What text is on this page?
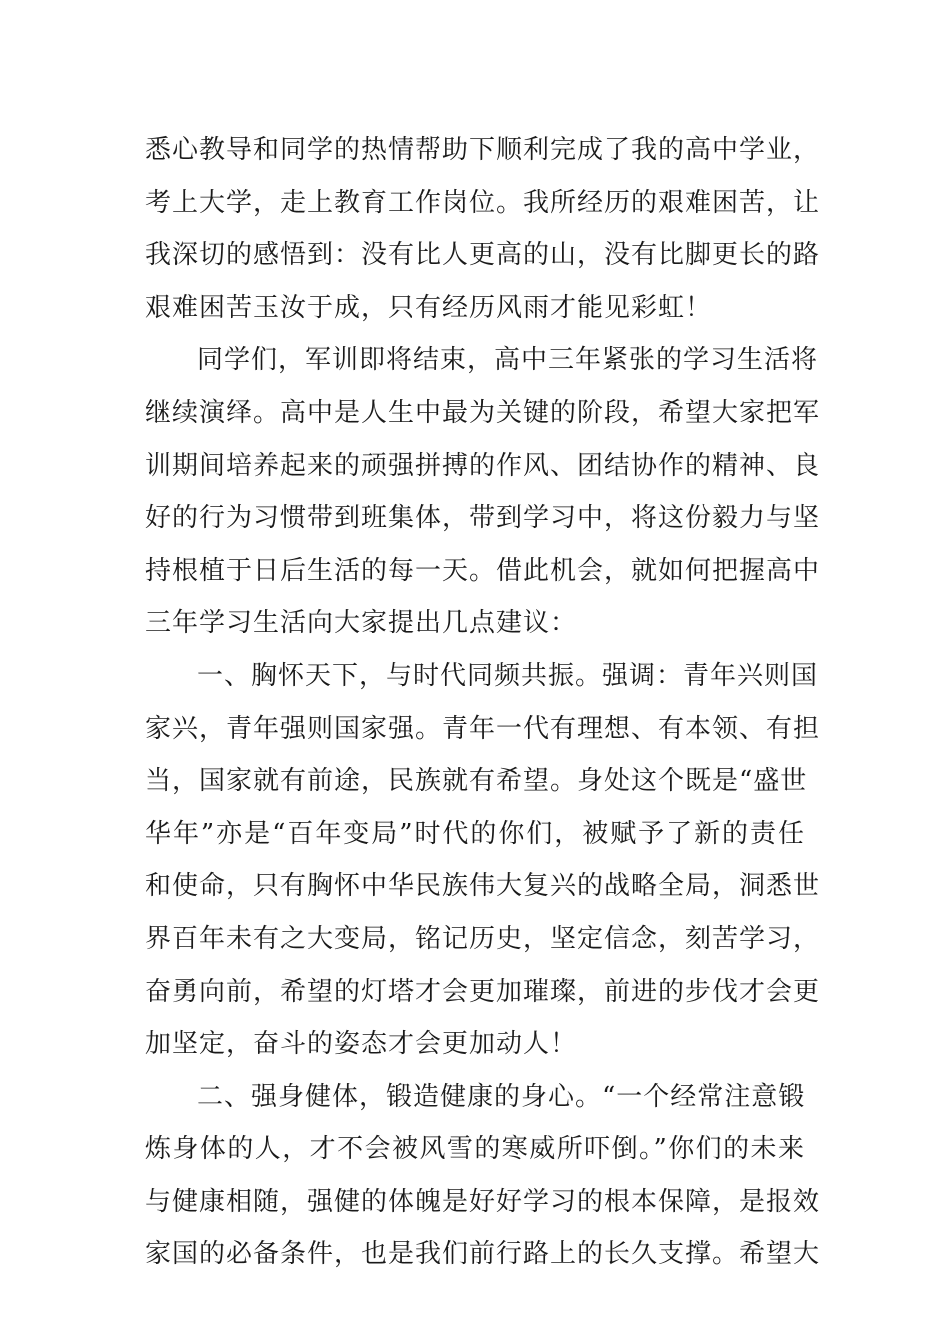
悉心教导和同学的热情帮助下顺利完成了我的高中学业，
考上大学，走上教育工作岗位。我所经历的艰难困苦，让
我深切的感悟到：没有比人更高的山，没有比脚更长的路
艰难困苦玉汝于成，只有经历风雨才能见彩虹！
同学们，军训即将结束，高中三年紧张的学习生活将
继续演绎。高中是人生中最为关键的阶段，希望大家把军
训期间培养起来的顽强拼搏的作风、团结协作的精神、良
好的行为习惯带到班集体，带到学习中，将这份毅力与坚
持根植于日后生活的每一天。借此机会，就如何把握高中
三年学习生活向大家提出几点建议：
一、胸怀天下，与时代同频共振。强调：青年兴则国
家兴，青年强则国家强。青年一代有理想、有本领、有担
当，国家就有前途，民族就有希望。身处这个既是“盛世
华年”亦是“百年变局”时代的你们，被赋予了新的责任
和使命，只有胸怀中华民族伟大复兴的战略全局，洞悉世
界百年未有之大变局，铭记历史，坚定信念，刻苦学习，
奋勇向前，希望的灯塔才会更加璀璨，前进的步伐才会更
加坚定，奋斗的姿态才会更加动人！
二、强身健体，锻造健康的身心。“一个经常注意锻
炼身体的人，才不会被风雪的寒威所吓倒。”你们的未来
与健康相随，强健的体魄是好好学习的根本保障，是报效
家国的必备条件，也是我们前行路上的长久支撑。希望大
